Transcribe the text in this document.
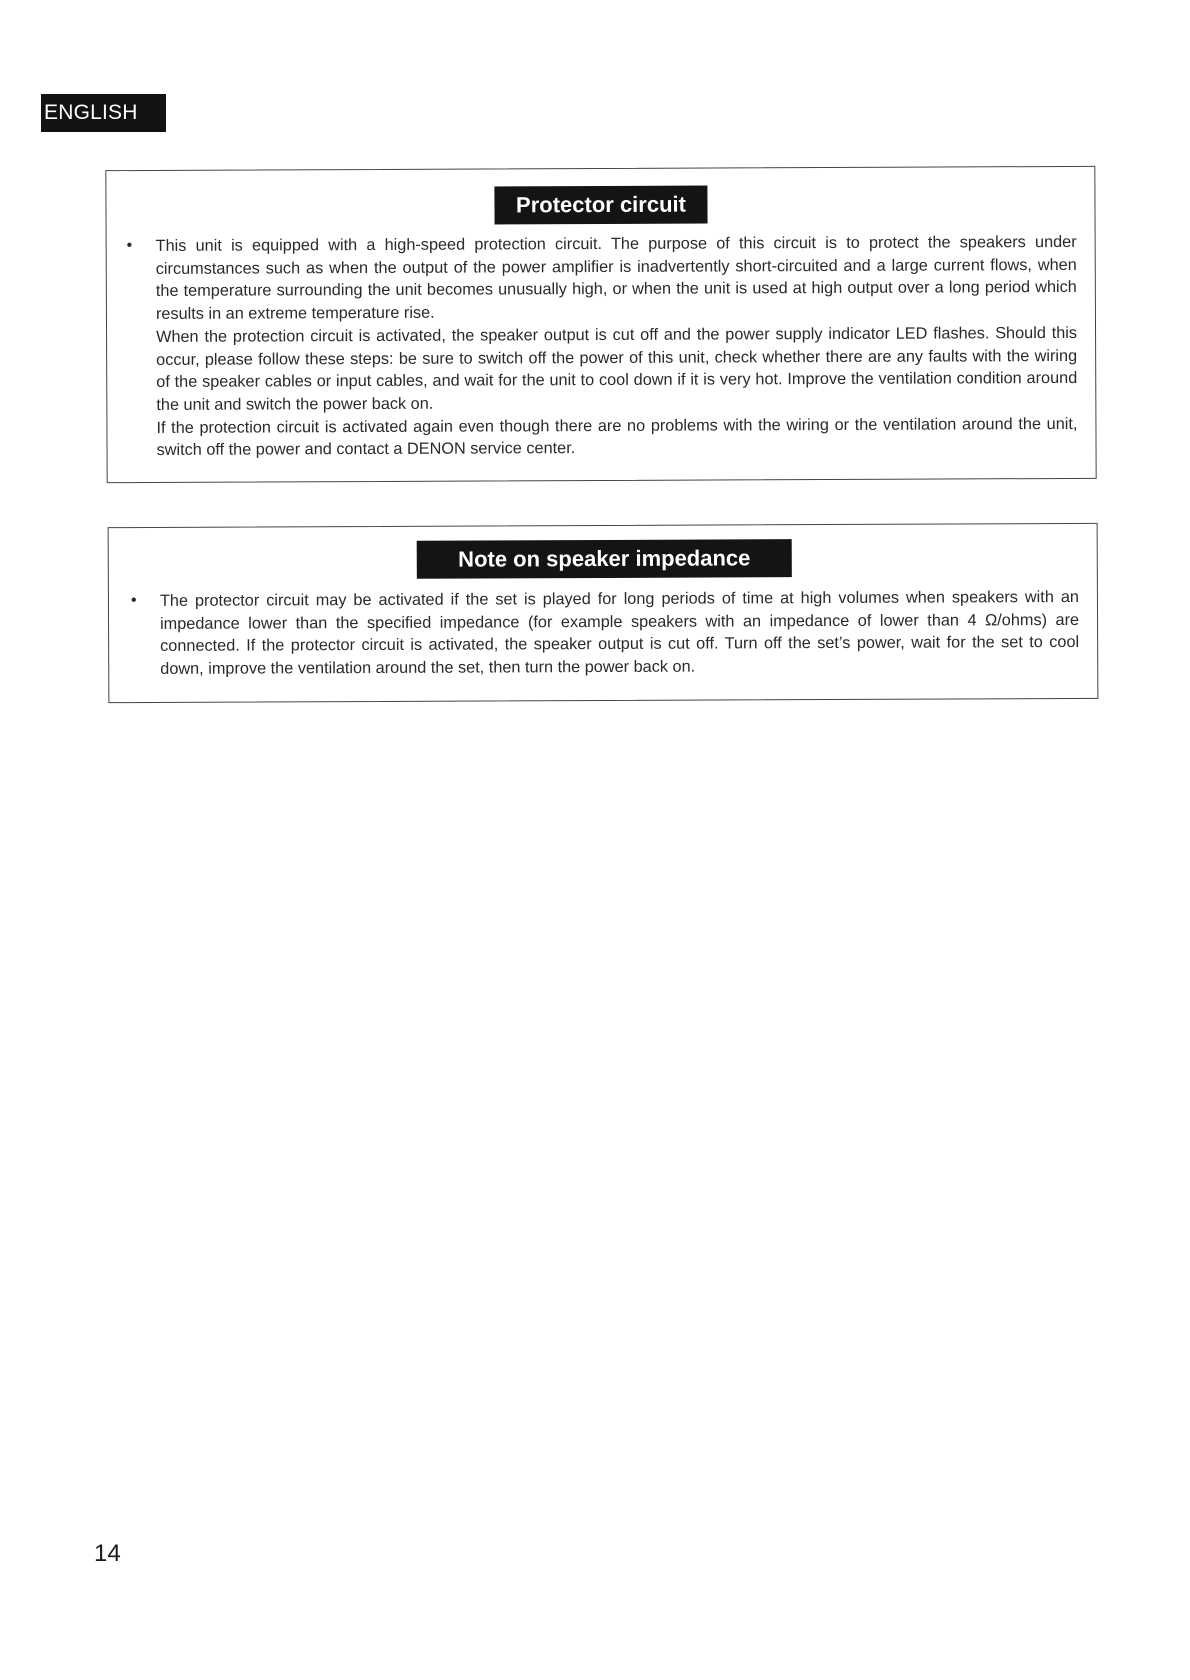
ENGLISH
Protector circuit
•	This unit is equipped with a high-speed protection circuit. The purpose of this circuit is to protect the speakers under circumstances such as when the output of the power amplifier is inadvertently short-circuited and a large current flows, when the temperature surrounding the unit becomes unusually high, or when the unit is used at high output over a long period which results in an extreme temperature rise.

When the protection circuit is activated, the speaker output is cut off and the power supply indicator LED flashes. Should this occur, please follow these steps: be sure to switch off the power of this unit, check whether there are any faults with the wiring of the speaker cables or input cables, and wait for the unit to cool down if it is very hot. Improve the ventilation condition around the unit and switch the power back on.

If the protection circuit is activated again even though there are no problems with the wiring or the ventilation around the unit, switch off the power and contact a DENON service center.

Note on speaker impedance
•	The protector circuit may be activated if the set is played for long periods of time at high volumes when speakers with an impedance lower than the specified impedance (for example speakers with an impedance of lower than 4 Ω/ohms) are connected. If the protector circuit is activated, the speaker output is cut off. Turn off the set’s power, wait for the set to cool down, improve the ventilation around the set, then turn the power back on.

14
